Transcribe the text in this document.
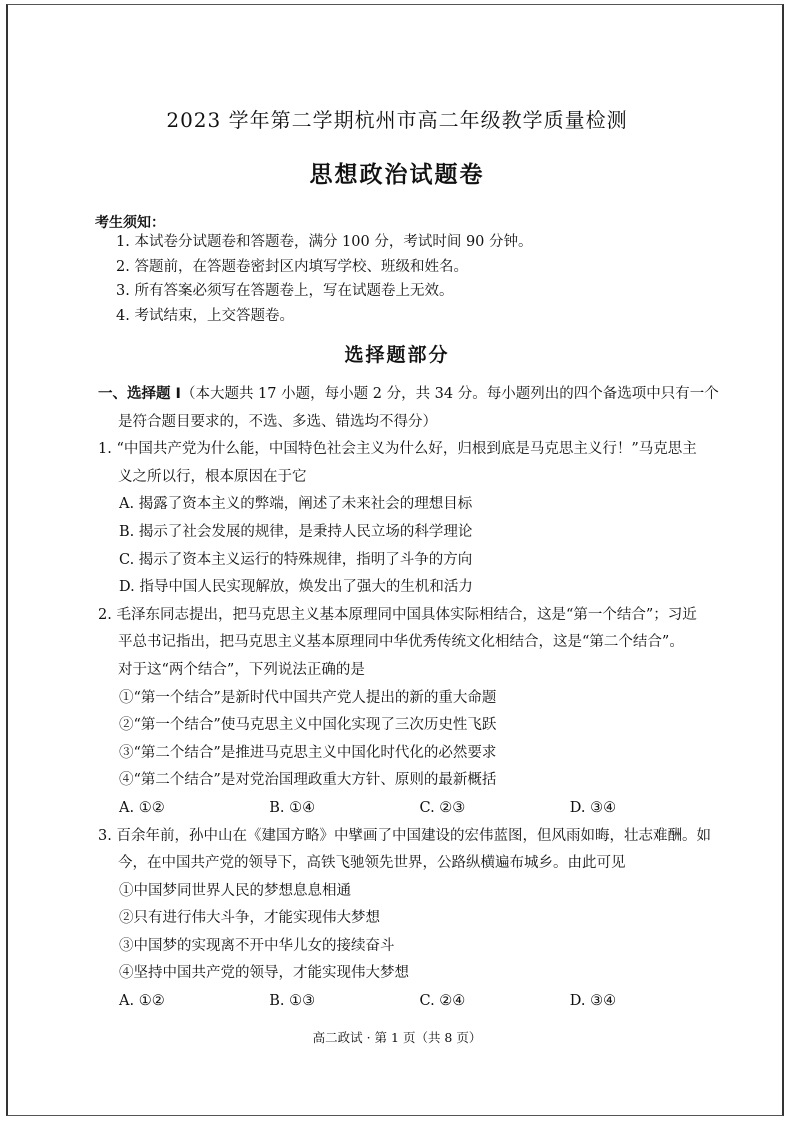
2023 学年第二学期杭州市高二年级教学质量检测
思想政治试题卷
考生须知：
1. 本试卷分试题卷和答题卷，满分 100 分，考试时间 90 分钟。
2. 答题前，在答题卷密封区内填写学校、班级和姓名。
3. 所有答案必须写在答题卷上，写在试题卷上无效。
4. 考试结束，上交答题卷。
选择题部分
一、选择题 Ⅰ（本大题共 17 小题，每小题 2 分，共 34 分。每小题列出的四个备选项中只有一个
是符合题目要求的，不选、多选、错选均不得分）
1. “中国共产党为什么能，中国特色社会主义为什么好，归根到底是马克思主义行！”马克思主
义之所以行，根本原因在于它
A. 揭露了资本主义的弊端，阐述了未来社会的理想目标
B. 揭示了社会发展的规律，是秉持人民立场的科学理论
C. 揭示了资本主义运行的特殊规律，指明了斗争的方向
D. 指导中国人民实现解放，焕发出了强大的生机和活力
2. 毛泽东同志提出，把马克思主义基本原理同中国具体实际相结合，这是“第一个结合”；习近
平总书记指出，把马克思主义基本原理同中华优秀传统文化相结合，这是“第二个结合”。
对于这“两个结合”，下列说法正确的是
①“第一个结合”是新时代中国共产党人提出的新的重大命题
②“第一个结合”使马克思主义中国化实现了三次历史性飞跃
③“第二个结合”是推进马克思主义中国化时代化的必然要求
④“第二个结合”是对党治国理政重大方针、原则的最新概括
A. ①②	B. ①④	C. ②③	D. ③④
3. 百余年前，孙中山在《建国方略》中擘画了中国建设的宏伟蓝图，但风雨如晦，壮志难酬。如
今，在中国共产党的领导下，高铁飞驰领先世界，公路纵横遍布城乡。由此可见
①中国梦同世界人民的梦想息息相通
②只有进行伟大斗争，才能实现伟大梦想
③中国梦的实现离不开中华儿女的接续奋斗
④坚持中国共产党的领导，才能实现伟大梦想
A. ①②	B. ①③	C. ②④	D. ③④
高二政试 · 第 1 页（共 8 页）
